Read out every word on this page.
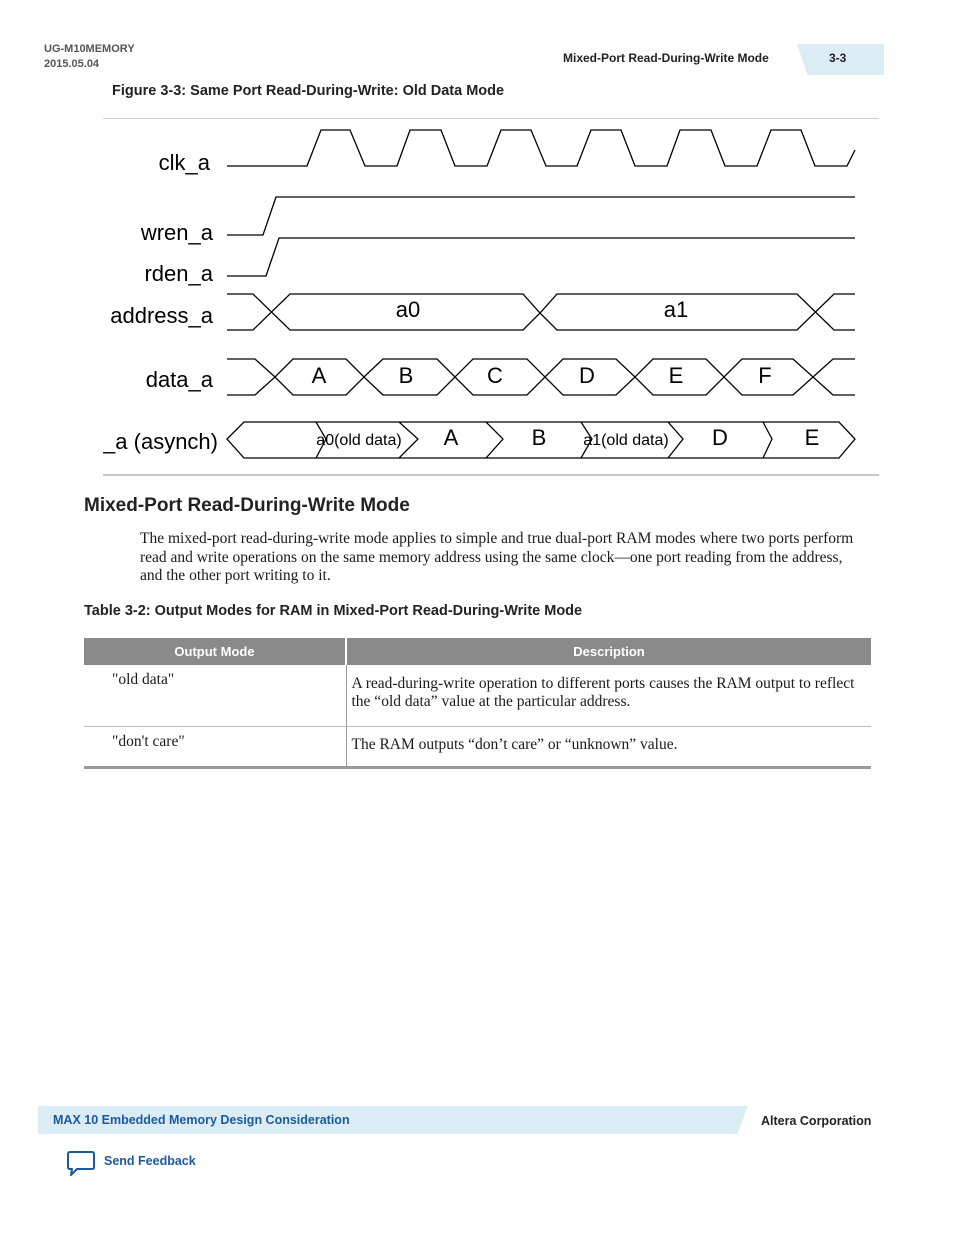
UG-M10MEMORY
2015.05.04	Mixed-Port Read-During-Write Mode	3-3
Figure 3-3: Same Port Read-During-Write: Old Data Mode
clk_a
wren_a
rden_a
address_a
data_a
_a (asynch)
a0	a1
A	B	C	D	E	F
a0(old data) A	B a1(old data) D	E
Mixed-Port Read-During-Write Mode
The mixed-port read-during-write mode applies to simple and true dual-port RAM modes where two ports perform read and write operations on the same memory address using the same clock—one port reading from the address, and the other port writing to it.
Table 3-2: Output Modes for RAM in Mixed-Port Read-During-Write Mode
Output Mode	Description
"old data"	A read-during-write operation to different ports causes the RAM output to reflect the “old data” value at the particular address.
"don't care"	The RAM outputs “don’t care” or “unknown” value.
MAX 10 Embedded Memory Design Consideration	Altera Corporation
Send Feedback
